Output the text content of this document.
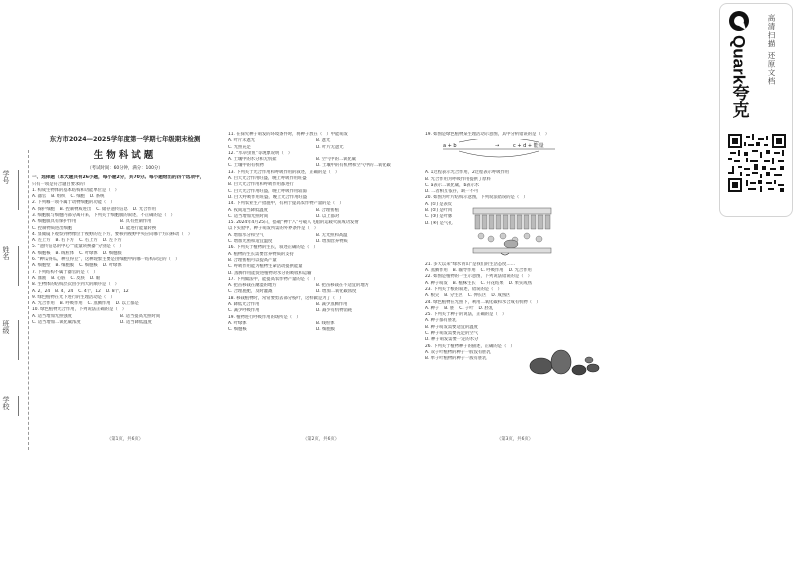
学号
姓名
班级
学校
东方市2024—2025学年度第一学期七年级期末检测
生物科试题
（考试时间：60分钟，满分：100分）
一、选择题（本大题共有26小题，每小题2分，共70分。每小题给出的四个选项中，
只有一项是符合题目要求的）
1. 构成生物体的基本结构和功能单位是（　）
A. 器官 B. 组织 C. 细胞 D. 系统
2. 下列哪一项不属于动物细胞的功能（　）
A. 保护细胞 B. 控制物质进出 C. 储存遗传信息 D. 光合作用
3. 细胞膜与细胞内部分离开来，下列关于细胞膜的叙述，不正确的是（　）
A. 细胞膜具有保护作用	B. 具有控制作用
C. 控制物质进出细胞	D. 能进行能量转换
4. 显微镜下观察到物像位于视野的左下方，要移到视野中央应向哪个方向移动（　）
A. 左上方 B. 右下方 C. 右上方 D. 左下方
5. “遗传信息的中心”“能量转换器”分别是（　）
A. 细胞核 B. 线粒体 C. 叶绿体 D. 细胞膜
6. “种瓜得瓜，种豆得豆”，这种现象主要是由细胞中的哪一结构决定的（　）
A. 细胞壁 B. 细胞膜 C. 细胞核 D. 叶绿体
7. 下列结构不属于器官的是（　）
A. 血液 B. 心脏 C. 皮肤 D. 眼
8. 生物体的结构层次由小到大的顺序是（　）
A. 2，24 B. 4，24 C. 4个，12 D. 8个，12
9. 绿色植物在光下进行的生理活动是（　）
A. 光合作用 B. 呼吸作用 C. 蒸腾作用 D. 以上都是
10. 绿色植物光合作用，下列说法正确的是（　）
A. 适当增加光照强度	B. 适当提高光照时间
C. 适当增加二氧化碳浓度	D. 适当降低温度
（第1页，共6页）
11. 在探究种子萌发的环境条件时，将种子放在（　）中能萌发
A. 叶片未遮光	B. 遮光
C. 光照充足	D. 叶片无遮光
12. “水草虫鱼”等现象说明（　）
A. 土壤中的水分和无机盐	B. 空气中的二氧化碳
C. 土壤中的有机物	D. 土壤中的有机物和空气中的二氧化碳
13. 下列关于光合作用和呼吸作用的叙述，正确的是（　）
A. 白天光合作用旺盛，晚上呼吸作用旺盛
B. 白天光合作用和呼吸作用都进行
C. 白天光合作用旺盛，晚上呼吸作用较弱
D. 白天呼吸作用旺盛，晚上光合作用旺盛
14. 下列农业生产措施中，有利于提高农作物产量的是（　）
A. 夜间适当降低温度	B. 合理密植
C. 适当增加光照时间	D. 以上都对
15. 2024年4月25日，搭载“神十八”号载人飞船的运载火箭成功发射
以下实验中，种子萌发所需的外界条件是（　）
A. 增加水分和空气	B. 无光照和高温
C. 增加光照和适宜温度	D. 增加营养物质
16. 下列关于植物的生长，叙述正确的是（　）
A. 植物的生长需要营养物质的支持
B. 合理密植可以提高产量
C. 呼吸作用能为植物生命活动提供能量
D. 蒸腾作用能促进植物对水分的吸收和运输
17. 下列做法中，能提高农作物产量的是（　）
A. 把苗移栽在潮湿的地方	B. 把苗移栽在不适宜的地方
C. 合理施肥，及时灌溉	D. 增加二氧化碳浓度
18. 移栽植物时，常常要剪去部分枝叶，这样做是为了（　）
A. 降低光合作用	B. 减少蒸腾作用
C. 减少呼吸作用	D. 减少有机物消耗
19. 植物进行呼吸作用的场所是（　）
A. 叶绿体	B. 线粒体
C. 细胞核	D. 细胞膜
（第2页，共6页）
19. 如图是绿色植物某生理活动示意图，其中分析错误的是（　）
a + b	→	c + d + 能量
A. 1过程表示光合作用，2过程表示呼吸作用
B. 光合作用为呼吸作用提供了原料
C. a表示二氧化碳，b表示水
D. 二者相互依存，缺一不可
20. 如图为叶片结构示意图，下列说法错误的是（　）
A. [①] 是表皮
B. [②] 是叶肉
C. [③] 是叶脉
D. [④] 是气孔
21. 多天以来“绿水青山”是我们的生活态度……
A. 蒸腾作用 B. 输导作用 C. 呼吸作用 D. 光合作用
22. 如图是植物的一生示意图，下列说法错误的是（　）
A. 种子萌发 B. 植株生长 C. 开花结果 D. 果实成熟
23. 下列关于根的叙述，错误的是（　）
A. 根尖 B. 分生区 C. 伸长区 D. 成熟区
24. 绿色植物在光照下，利用二氧化碳和水合成有机物（　）
A. 种子 B. 胚 C. 子叶 D. 胚乳
25. 下列关于种子的说法，正确的是（　）
A. 种子都有胚乳
B. 种子萌发需要适宜的温度
C. 种子萌发需要充足的空气
D. 种子萌发需要一定的水分
26. 下列关于植物种子的描述，正确的是（　）
A. 双子叶植物的种子一般没有胚乳
B. 单子叶植物的种子一般有胚乳
（第3页，共6页）
Quark夸克	高清扫描 还原文档
